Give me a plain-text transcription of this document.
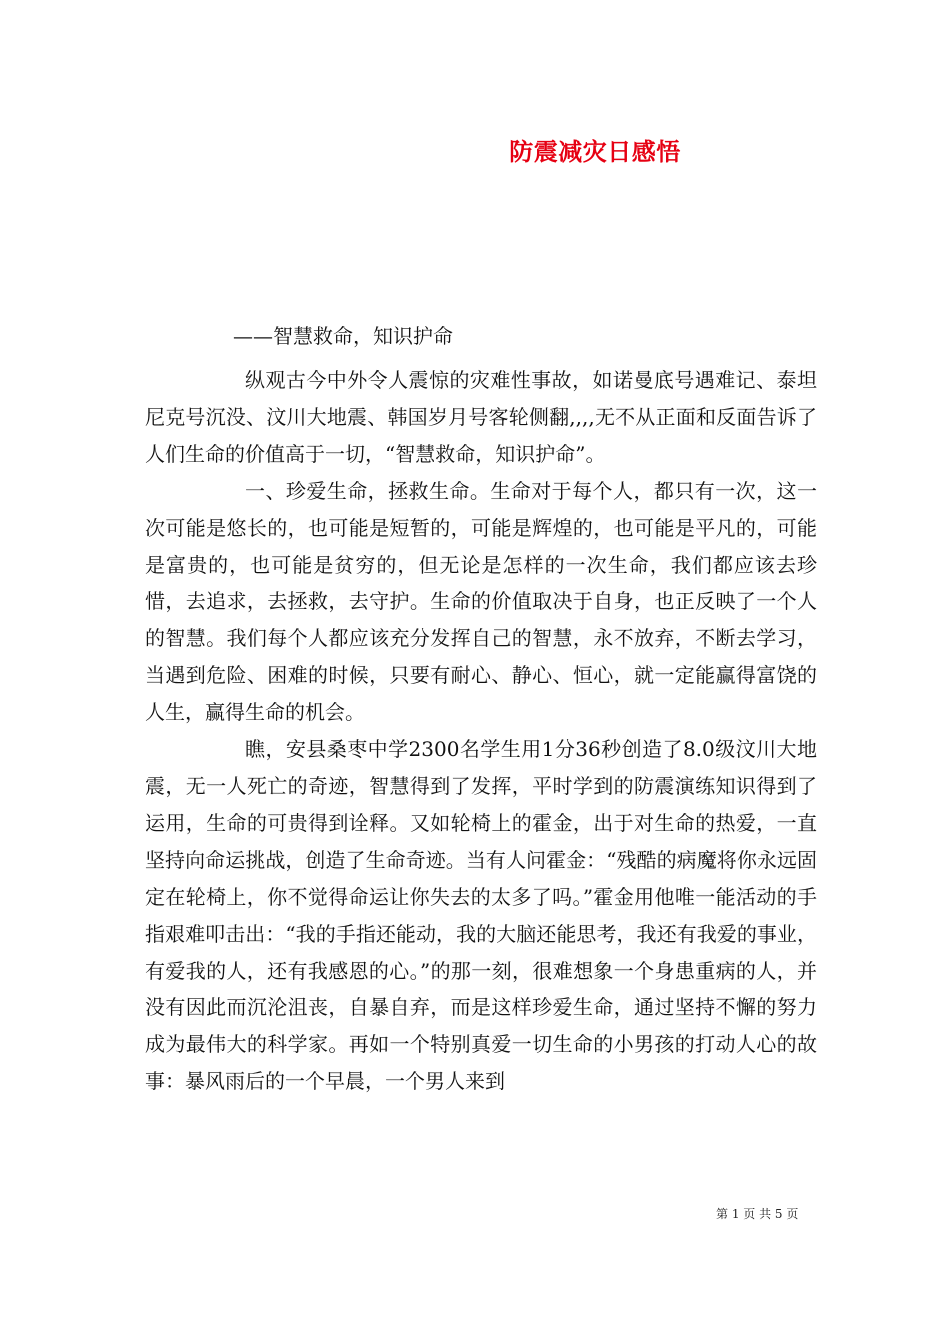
防震减灾日感悟
——智慧救命，知识护命

纵观古今中外令人震惊的灾难性事故，如诺曼底号遇难记、泰坦尼克号沉没、汶川大地震、韩国岁月号客轮侧翻,,,,无不从正面和反面告诉了人们生命的价值高于一切，“智慧救命，知识护命”。

一、珍爱生命，拯救生命。生命对于每个人，都只有一次，这一次可能是悠长的，也可能是短暂的，可能是辉煌的，也可能是平凡的，可能是富贵的，也可能是贫穷的，但无论是怎样的一次生命，我们都应该去珍惜，去追求，去拯救，去守护。生命的价值取决于自身，也正反映了一个人的智慧。我们每个人都应该充分发挥自己的智慧，永不放弃，不断去学习，当遇到危险、困难的时候，只要有耐心、静心、恒心，就一定能赢得富饶的人生，赢得生命的机会。

瞧，安县桑枣中学2300名学生用1分36秒创造了8.0级汶川大地震，无一人死亡的奇迹，智慧得到了发挥，平时学到的防震演练知识得到了运用，生命的可贵得到诠释。又如轮椅上的霍金，出于对生命的热爱，一直坚持向命运挑战，创造了生命奇迹。当有人问霍金：“残酷的病魔将你永远固定在轮椅上，你不觉得命运让你失去的太多了吗。”霍金用他唯一能活动的手指艰难叩击出：“我的手指还能动，我的大脑还能思考，我还有我爱的事业，有爱我的人，还有我感恩的心。”的那一刻，很难想象一个身患重病的人，并没有因此而沉沦沮丧，自暴自弃，而是这样珍爱生命，通过坚持不懈的努力成为最伟大的科学家。再如一个特别真爱一切生命的小男孩的打动人心的故事：暴风雨后的一个早晨，一个男人来到

第 1 页 共 5 页
